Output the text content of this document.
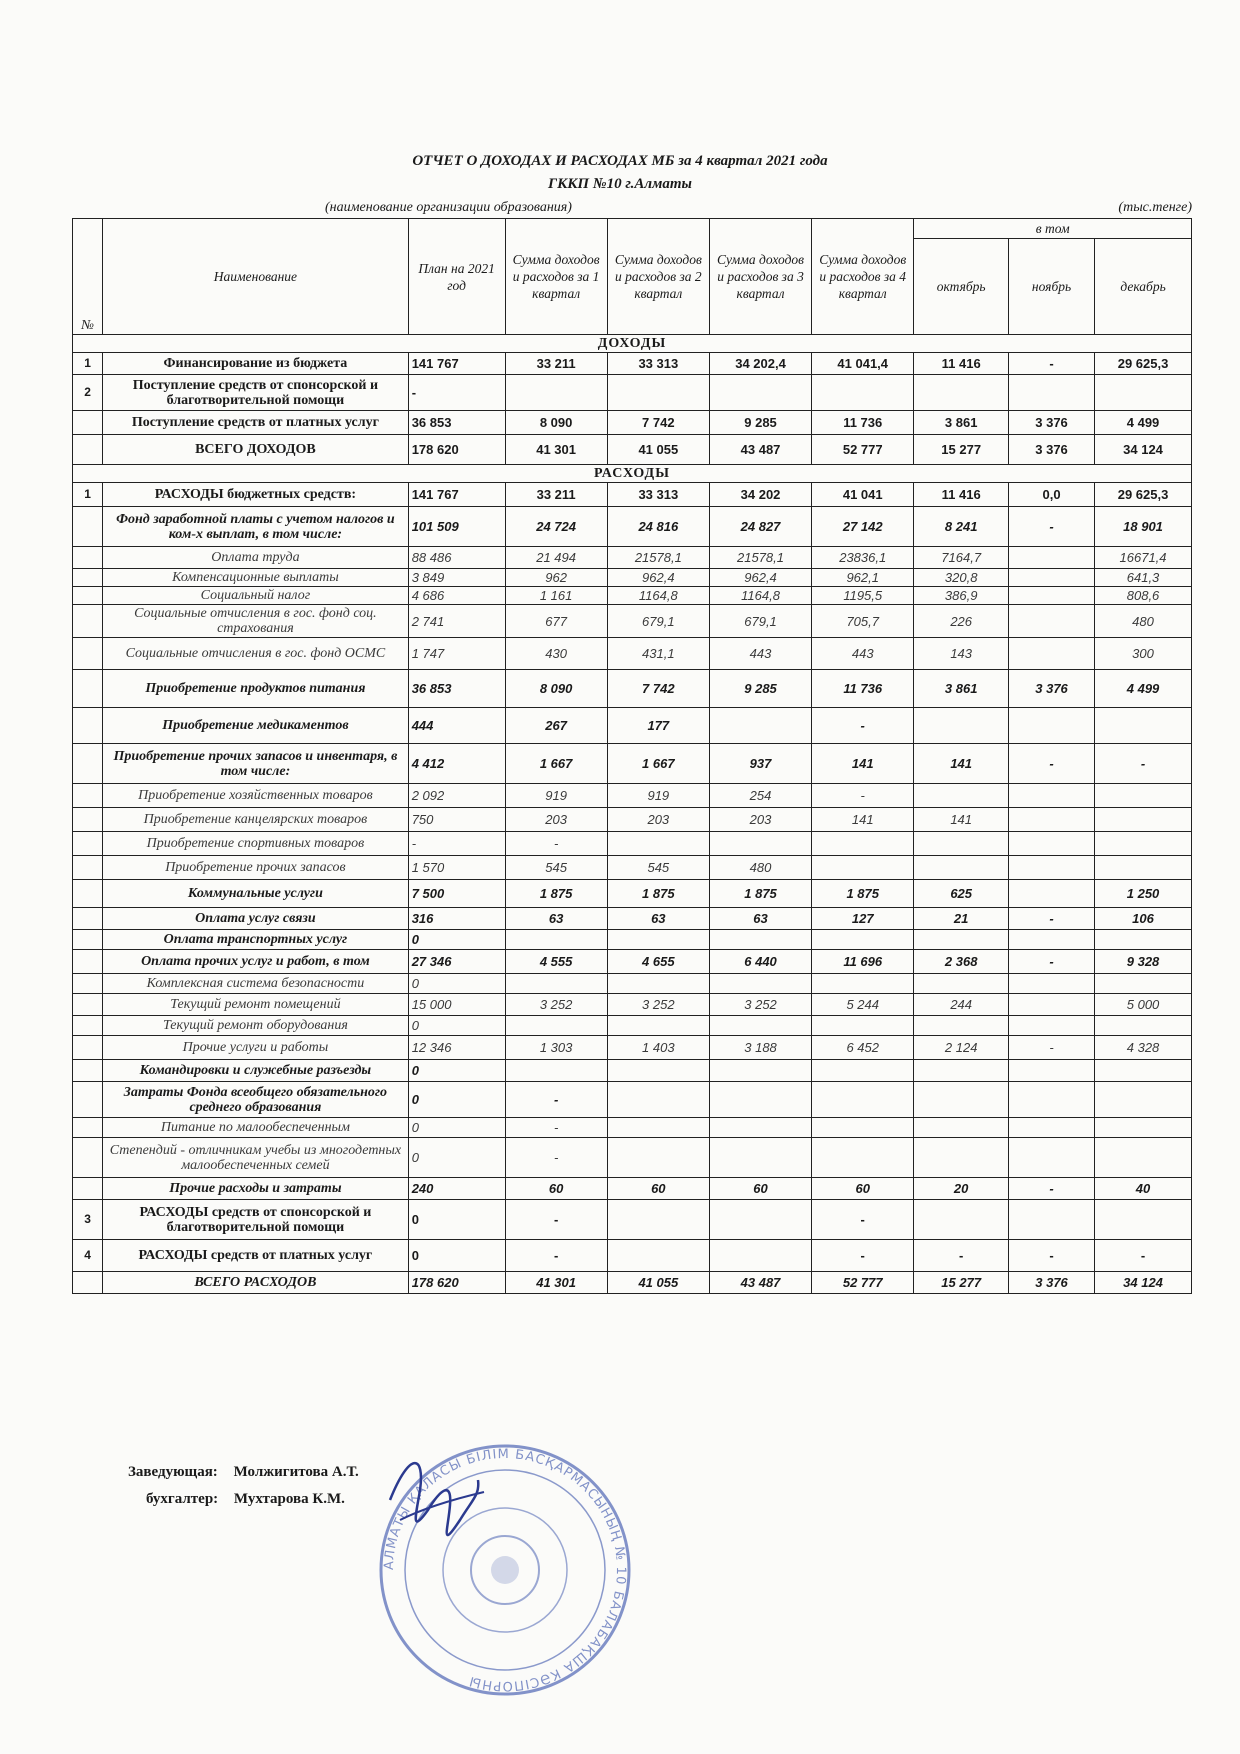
ОТЧЕТ О ДОХОДАХ И РАСХОДАХ МБ за 4 квартал 2021 года
ГККП №10 г.Алматы
(наименование организации образования)	(тыс.тенге)
№	Наименование	План на 2021 год	Сумма доходов и расходов за 1 квартал	Сумма доходов и расходов за 2 квартал	Сумма доходов и расходов за 3 квартал	Сумма доходов и расходов за 4 квартал	в том		
							октябрь	ноябрь	декабрь
ДОХОДЫ									
1	Финансирование из бюджета	141 767	33 211	33 313	34 202,4	41 041,4	11 416	-	29 625,3
2	Поступление средств от спонсорской и благотворительной помощи	-							
	Поступление средств от платных услуг	36 853	8 090	7 742	9 285	11 736	3 861	3 376	4 499
	ВСЕГО ДОХОДОВ	178 620	41 301	41 055	43 487	52 777	15 277	3 376	34 124
РАСХОДЫ									
1	РАСХОДЫ бюджетных средств:	141 767	33 211	33 313	34 202	41 041	11 416	0,0	29 625,3
	Фонд заработной платы с учетом налогов и ком-х выплат, в том числе:	101 509	24 724	24 816	24 827	27 142	8 241	-	18 901
	Оплата труда	88 486	21 494	21578,1	21578,1	23836,1	7164,7		16671,4
	Компенсационные выплаты	3 849	962	962,4	962,4	962,1	320,8		641,3
	Социальный налог	4 686	1 161	1164,8	1164,8	1195,5	386,9		808,6
	Социальные отчисления в гос. фонд соц. страхования	2 741	677	679,1	679,1	705,7	226		480
	Социальные отчисления в гос. фонд ОСМС	1 747	430	431,1	443	443	143		300
	Приобретение продуктов питания	36 853	8 090	7 742	9 285	11 736	3 861	3 376	4 499
	Приобретение медикаментов	444	267	177		-			
	Приобретение прочих запасов и инвентаря, в том числе:	4 412	1 667	1 667	937	141	141	-	-
	Приобретение хозяйственных товаров	2 092	919	919	254	-			
	Приобретение канцелярских товаров	750	203	203	203	141	141		
	Приобретение спортивных товаров	-	-						
	Приобретение прочих запасов	1 570	545	545	480				
	Коммунальные услуги	7 500	1 875	1 875	1 875	1 875	625		1 250
	Оплата услуг связи	316	63	63	63	127	21	-	106
	Оплата транспортных услуг	0							
	Оплата прочих услуг и работ, в том	27 346	4 555	4 655	6 440	11 696	2 368	-	9 328
	Комплексная система безопасности	0							
	Текущий ремонт помещений	15 000	3 252	3 252	3 252	5 244	244		5 000
	Текущий ремонт оборудования	0							
	Прочие услуги и работы	12 346	1 303	1 403	3 188	6 452	2 124	-	4 328
	Командировки и служебные разъезды	0							
	Затраты Фонда всеобщего обязательного среднего образования	0	-						
	Питание по малообеспеченным	0	-						
	Степендий - отличникам учебы из многодетных малообеспеченных семей	0	-						
	Прочие расходы и затраты	240	60	60	60	60	20	-	40
3	РАСХОДЫ средств от спонсорской и благотворительной помощи	0	-			-			
4	РАСХОДЫ средств от платных услуг	0	-			-	-	-	-
	ВСЕГО РАСХОДОВ	178 620	41 301	41 055	43 487	52 777	15 277	3 376	34 124
АЛМАТЫ ҚАЛАСЫ БІЛІМ БАСҚАРМАСЫНЫҢ № 10 БАЛАБАҚША КӘСІПОРНЫ
Заведующая: Молжигитова А.Т.
бухгалтер: Мухтарова К.М.
